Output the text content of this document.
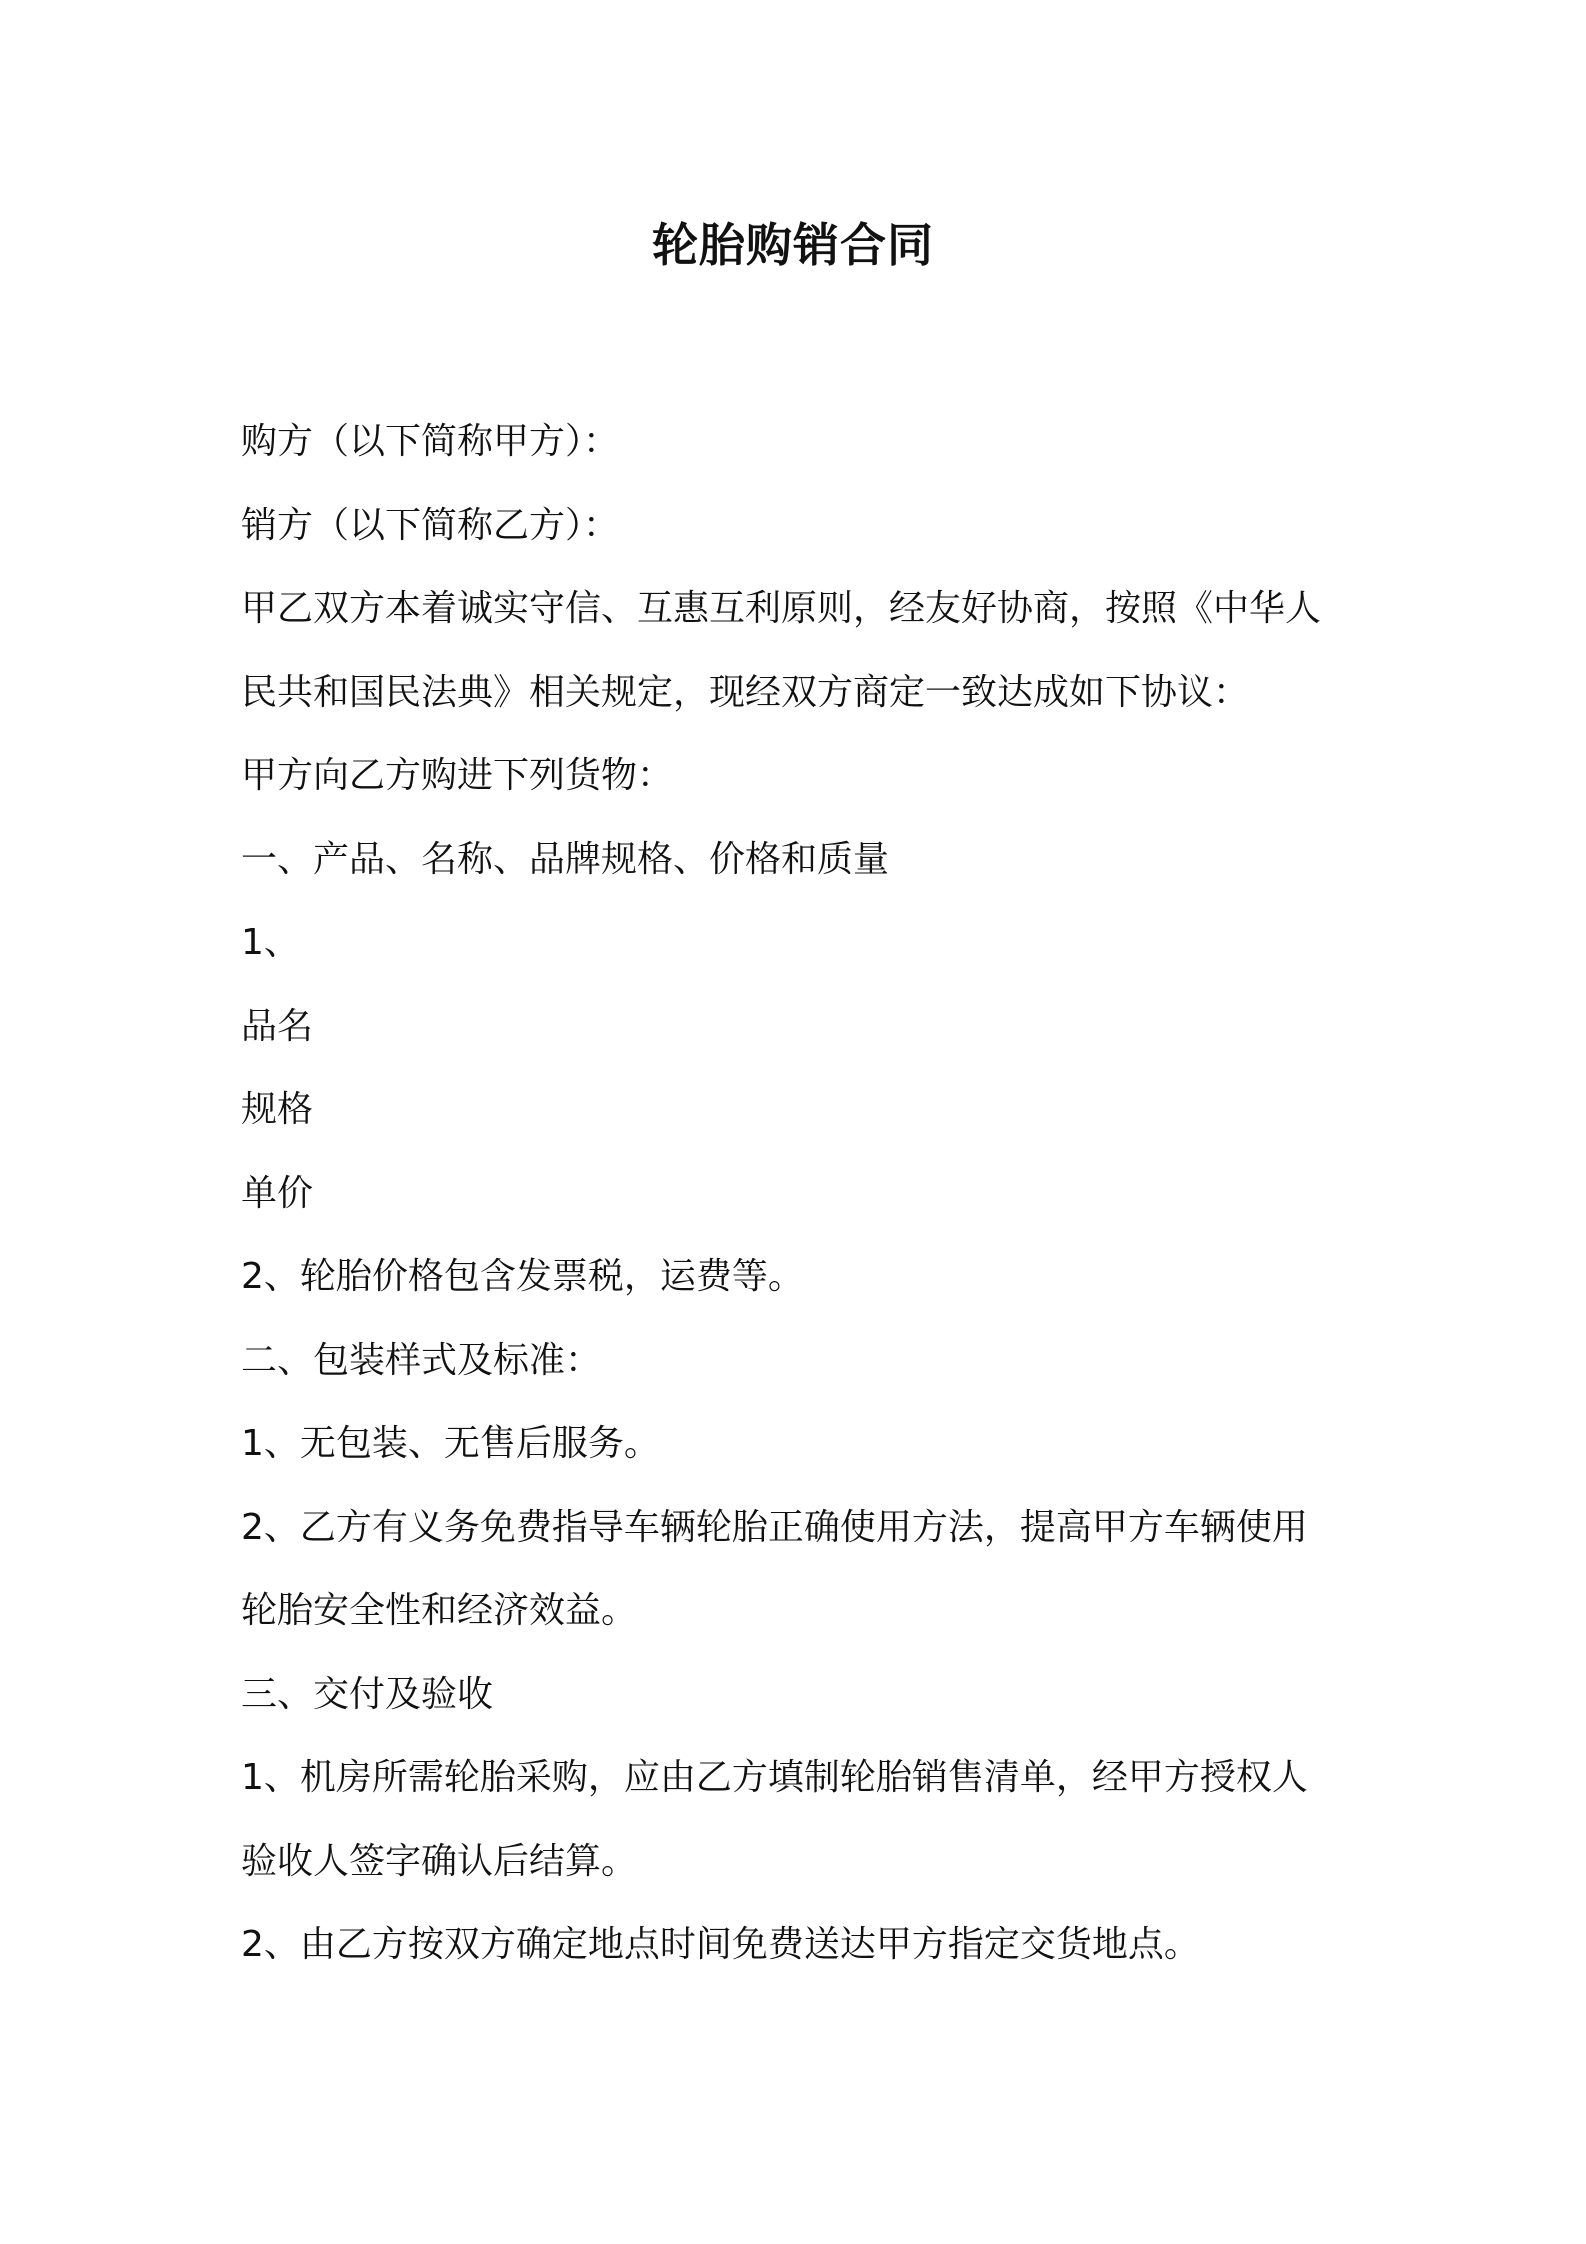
轮胎购销合同

购方（以下简称甲方）：

销方（以下简称乙方）：

甲乙双方本着诚实守信、互惠互利原则，经友好协商，按照《中华人

民共和国民法典》相关规定，现经双方商定一致达成如下协议：

甲方向乙方购进下列货物：

一、产品、名称、品牌规格、价格和质量

1、

品名

规格

单价

2、轮胎价格包含发票税，运费等。

二、包装样式及标准：

1、无包装、无售后服务。

2、乙方有义务免费指导车辆轮胎正确使用方法，提高甲方车辆使用

轮胎安全性和经济效益。

三、交付及验收

1、机房所需轮胎采购，应由乙方填制轮胎销售清单，经甲方授权人

验收人签字确认后结算。

2、由乙方按双方确定地点时间免费送达甲方指定交货地点。
